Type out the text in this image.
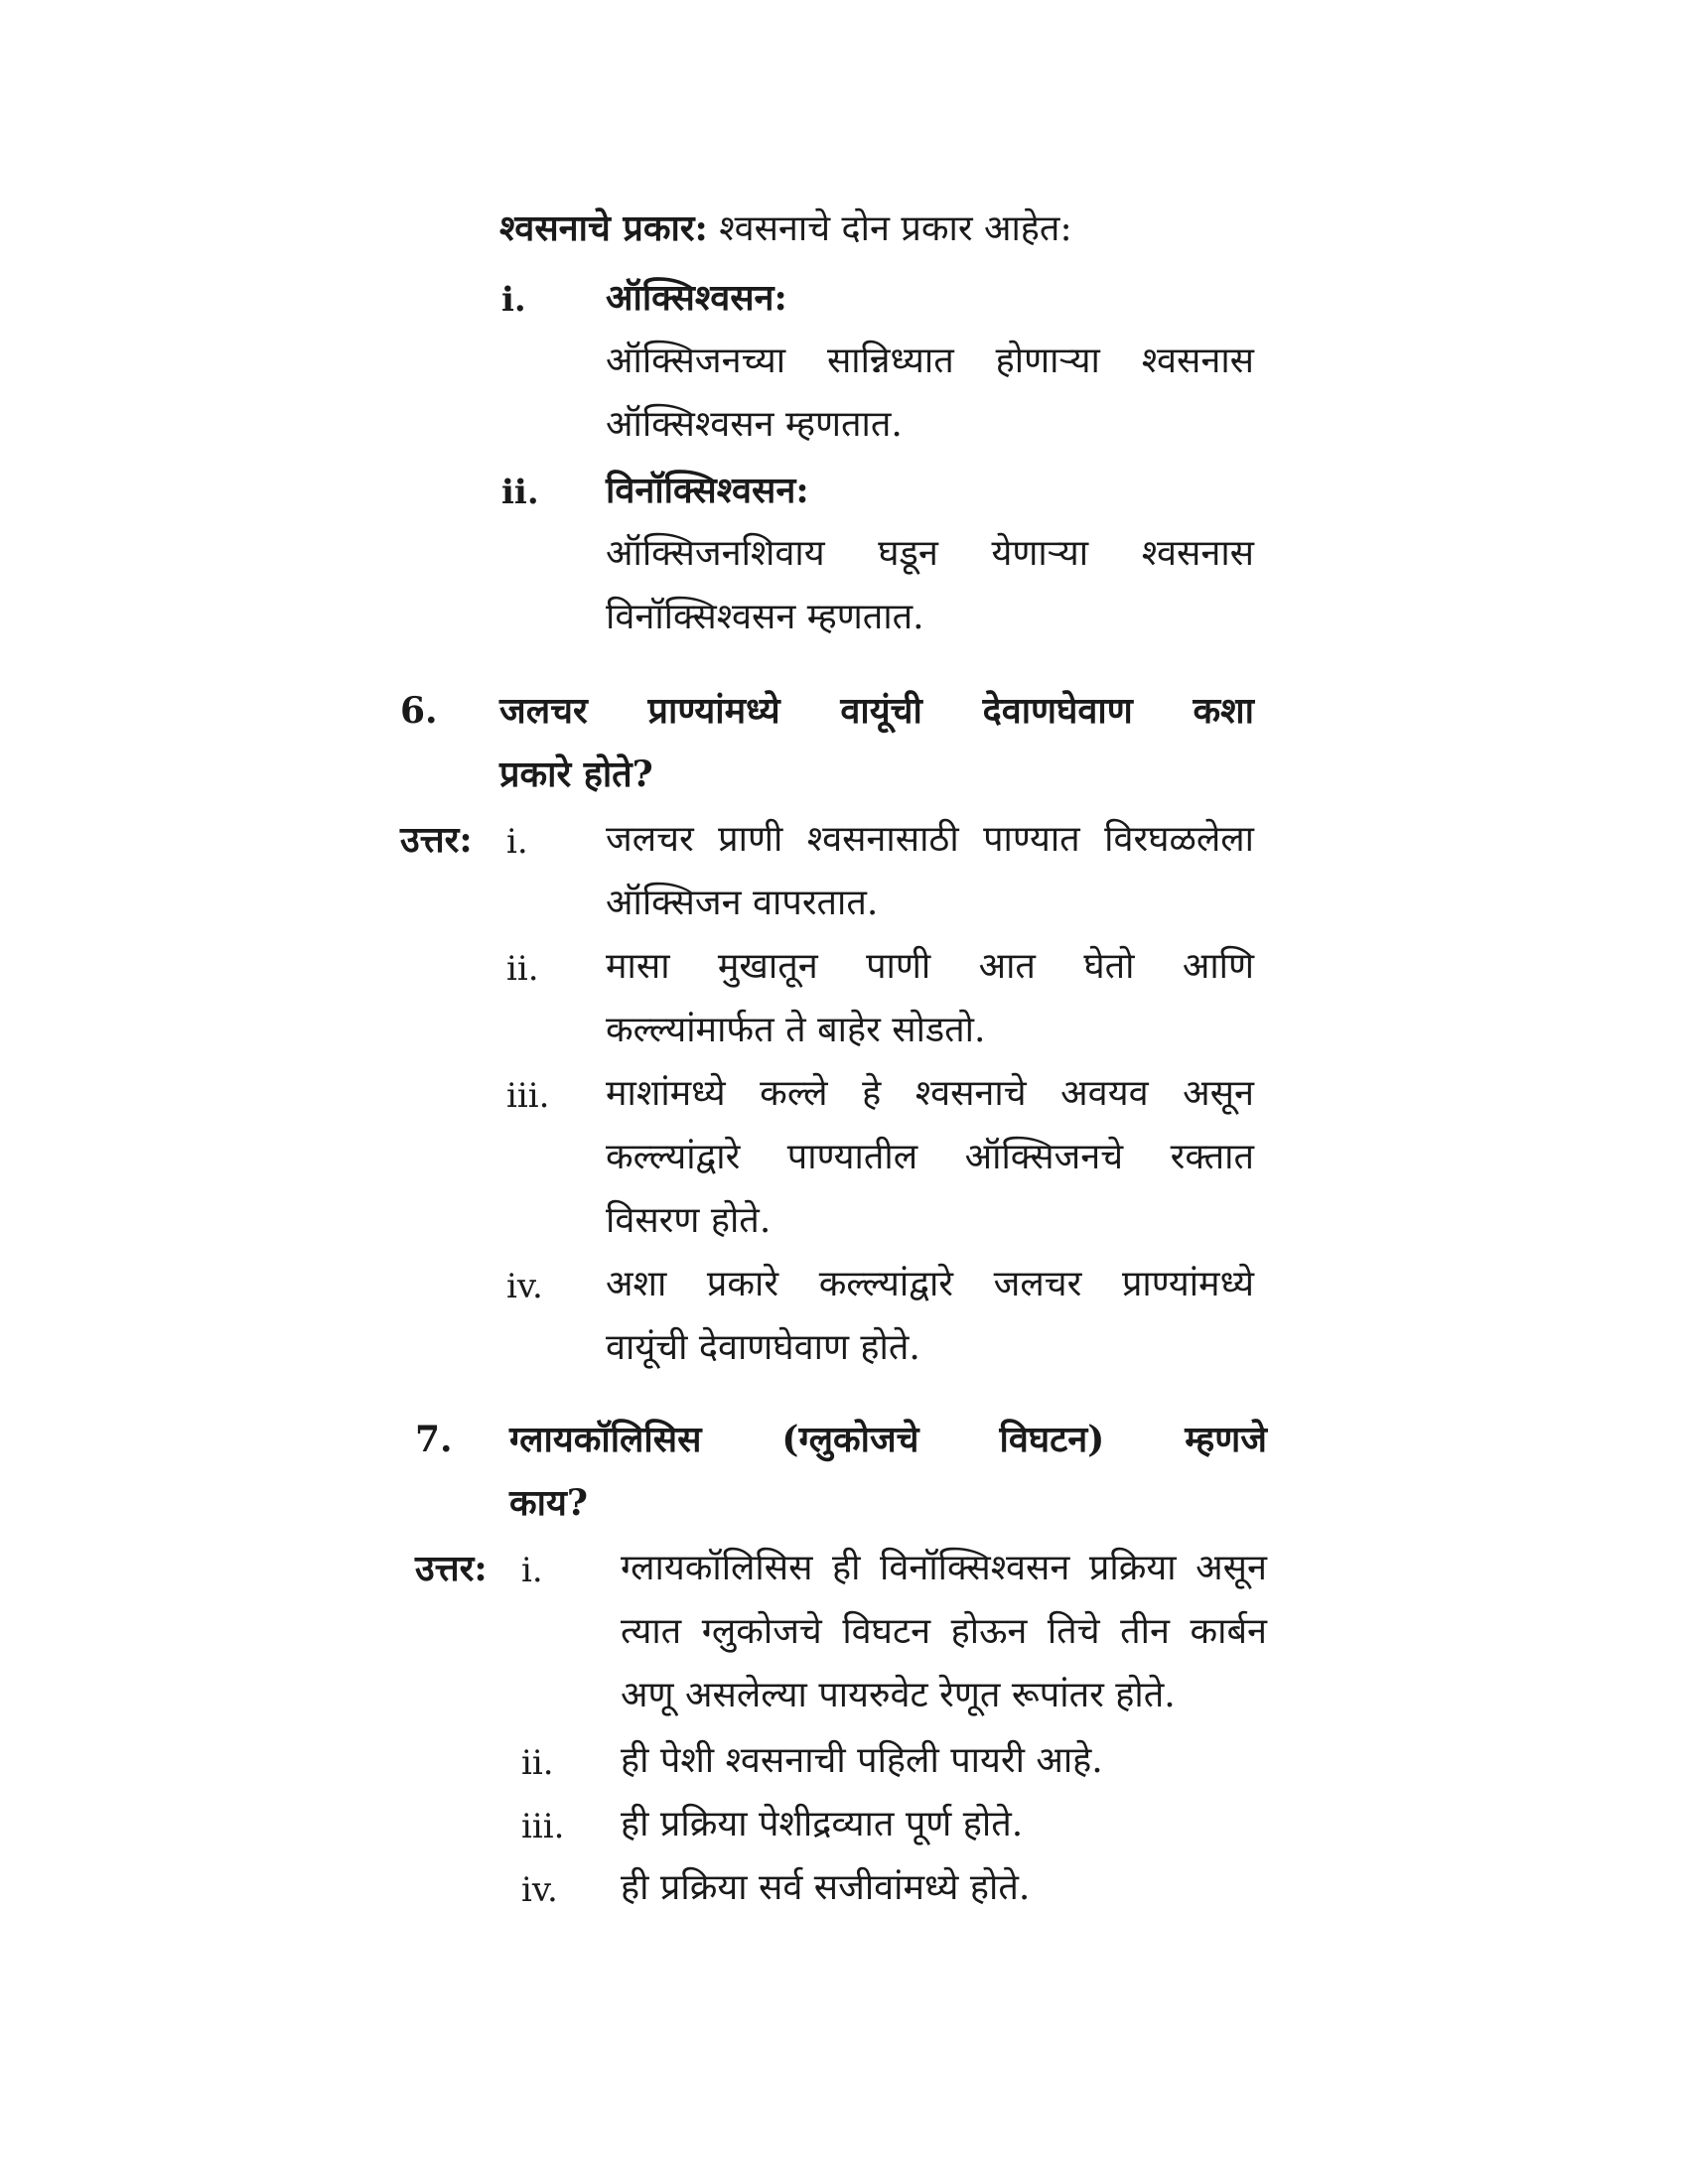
श्वसनाचे प्रकार: श्वसनाचे दोन प्रकार आहेत:
i. ऑक्सिश्वसन:
ऑक्सिजनच्या सान्निध्यात होणाऱ्या श्वसनास
ऑक्सिश्वसन म्हणतात.
ii. विनॉक्सिश्वसन:
ऑक्सिजनशिवाय घडून येणाऱ्या श्वसनास
विनॉक्सिश्वसन म्हणतात.
6. जलचर प्राण्यांमध्ये वायूंची देवाणघेवाण कशा
प्रकारे होते?
उत्तर: i. जलचर प्राणी श्वसनासाठी पाण्यात विरघळलेला
ऑक्सिजन वापरतात.
ii. मासा मुखातून पाणी आत घेतो आणि
कल्ल्यांमार्फत ते बाहेर सोडतो.
iii. माशांमध्ये कल्ले हे श्वसनाचे अवयव असून
कल्ल्यांद्वारे पाण्यातील ऑक्सिजनचे रक्तात
विसरण होते.
iv. अशा प्रकारे कल्ल्यांद्वारे जलचर प्राण्यांमध्ये
वायूंची देवाणघेवाण होते.
7. ग्लायकॉलिसिस (ग्लुकोजचे विघटन) म्हणजे
काय?
उत्तर: i. ग्लायकॉलिसिस ही विनॉक्सिश्वसन प्रक्रिया असून
त्यात ग्लुकोजचे विघटन होऊन तिचे तीन कार्बन
अणू असलेल्या पायरुवेट रेणूत रूपांतर होते.
ii. ही पेशी श्वसनाची पहिली पायरी आहे.
iii. ही प्रक्रिया पेशीद्रव्यात पूर्ण होते.
iv. ही प्रक्रिया सर्व सजीवांमध्ये होते.
